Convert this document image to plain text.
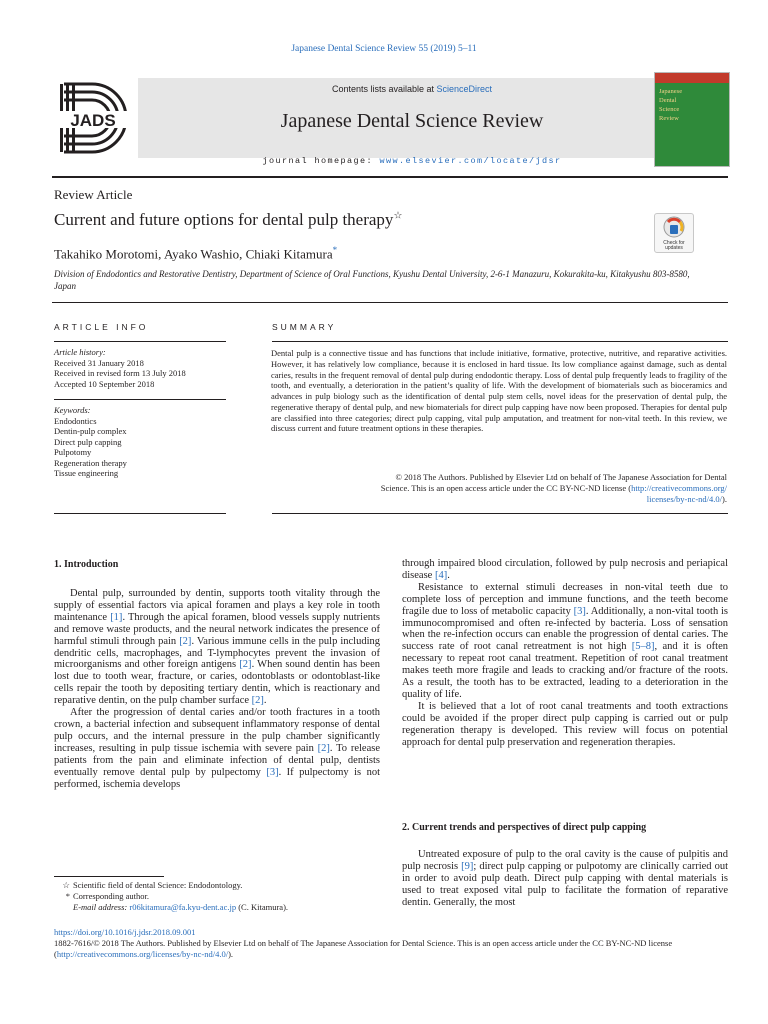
Japanese Dental Science Review 55 (2019) 5–11
JADS
Contents lists available at ScienceDirect
Japanese Dental Science Review
journal homepage: www.elsevier.com/locate/jdsr
Japanese
Dental
Science
Review
Review Article
Current and future options for dental pulp therapy☆
Check for updates
Takahiko Morotomi, Ayako Washio, Chiaki Kitamura*
Division of Endodontics and Restorative Dentistry, Department of Science of Oral Functions, Kyushu Dental University, 2-6-1 Manazuru, Kokurakita-ku, Kitakyushu 803-8580, Japan
ARTICLE INFO	SUMMARY
Article history:
Received 31 January 2018
Received in revised form 13 July 2018
Accepted 10 September 2018
Keywords:
Endodontics
Dentin-pulp complex
Direct pulp capping
Pulpotomy
Regeneration therapy
Tissue engineering
Dental pulp is a connective tissue and has functions that include initiative, formative, protective, nutritive, and reparative activities. However, it has relatively low compliance, because it is enclosed in hard tissue. Its low compliance against damage, such as dental caries, results in the frequent removal of dental pulp during endodontic therapy. Loss of dental pulp frequently leads to fragility of the tooth, and eventually, a deterioration in the patient’s quality of life. With the development of biomaterials such as bioceramics and advances in pulp biology such as the identification of dental pulp stem cells, novel ideas for the preservation of dental pulp, the regenerative therapy of dental pulp, and new biomaterials for direct pulp capping have now been proposed. Therapies for dental pulp are classified into three categories; direct pulp capping, vital pulp amputation, and treatment for non-vital teeth. In this review, we discuss current and future treatment options in these therapies.
© 2018 The Authors. Published by Elsevier Ltd on behalf of The Japanese Association for Dental
Science. This is an open access article under the CC BY-NC-ND license (http://creativecommons.org/
licenses/by-nc-nd/4.0/).
1. Introduction

Dental pulp, surrounded by dentin, supports tooth vitality through the supply of essential factors via apical foramen and plays a key role in tooth maintenance [1]. Through the apical foramen, blood vessels supply nutrients and remove waste products, and the neural network indicates the presence of harmful stimuli through pain [2]. Various immune cells in the pulp including dendritic cells, macrophages, and T-lymphocytes prevent the invasion of microorganisms and other foreign antigens [2]. When sound dentin has been lost due to tooth wear, fracture, or caries, odontoblasts or odontoblast-like cells repair the tooth by depositing tertiary dentin, which is reactionary and reparative dentin, on the pulp chamber surface [2].

After the progression of dental caries and/or tooth fractures in a tooth crown, a bacterial infection and subsequent inflammatory response of dental pulp occurs, and the internal pressure in the pulp chamber significantly increases, resulting in pulp tissue ischemia with severe pain [2]. To release patients from the pain and eliminate infection of dental pulp, dentists eventually remove dental pulp by pulpectomy [3]. If pulpectomy is not performed, ischemia develops

through impaired blood circulation, followed by pulp necrosis and periapical disease [4].

Resistance to external stimuli decreases in non-vital teeth due to complete loss of perception and immune functions, and the teeth become fragile due to loss of metabolic capacity [3]. Additionally, a non-vital tooth is immunocompromised and often re-infected by bacteria. Loss of sensation when the re-infection occurs can enable the progression of dental caries. The success rate of root canal retreatment is not high [5–8], and it is often necessary to repeat root canal treatment. Repetition of root canal treatment makes teeth more fragile and leads to cracking and/or fracture of the roots. As a result, the tooth has to be extracted, leading to a deterioration in the quality of life.

It is believed that a lot of root canal treatments and tooth extractions could be avoided if the proper direct pulp capping is carried out or pulp regeneration therapy is developed. This review will focus on potential approach for dental pulp preservation and regeneration therapies.

2. Current trends and perspectives of direct pulp capping

Untreated exposure of pulp to the oral cavity is the cause of pulpitis and pulp necrosis [9]; direct pulp capping or pulpotomy are clinically carried out in order to avoid pulp death. Direct pulp capping with dental materials is used to treat exposed vital pulp to facilitate the formation of reparative dentin. Generally, the most

☆ Scientific field of dental Science: Endodontology.
* Corresponding author.
E-mail address: r06kitamura@fa.kyu-dent.ac.jp (C. Kitamura).
https://doi.org/10.1016/j.jdsr.2018.09.001
1882-7616/© 2018 The Authors. Published by Elsevier Ltd on behalf of The Japanese Association for Dental Science. This is an open access article under the CC BY-NC-ND license (http://creativecommons.org/licenses/by-nc-nd/4.0/).
